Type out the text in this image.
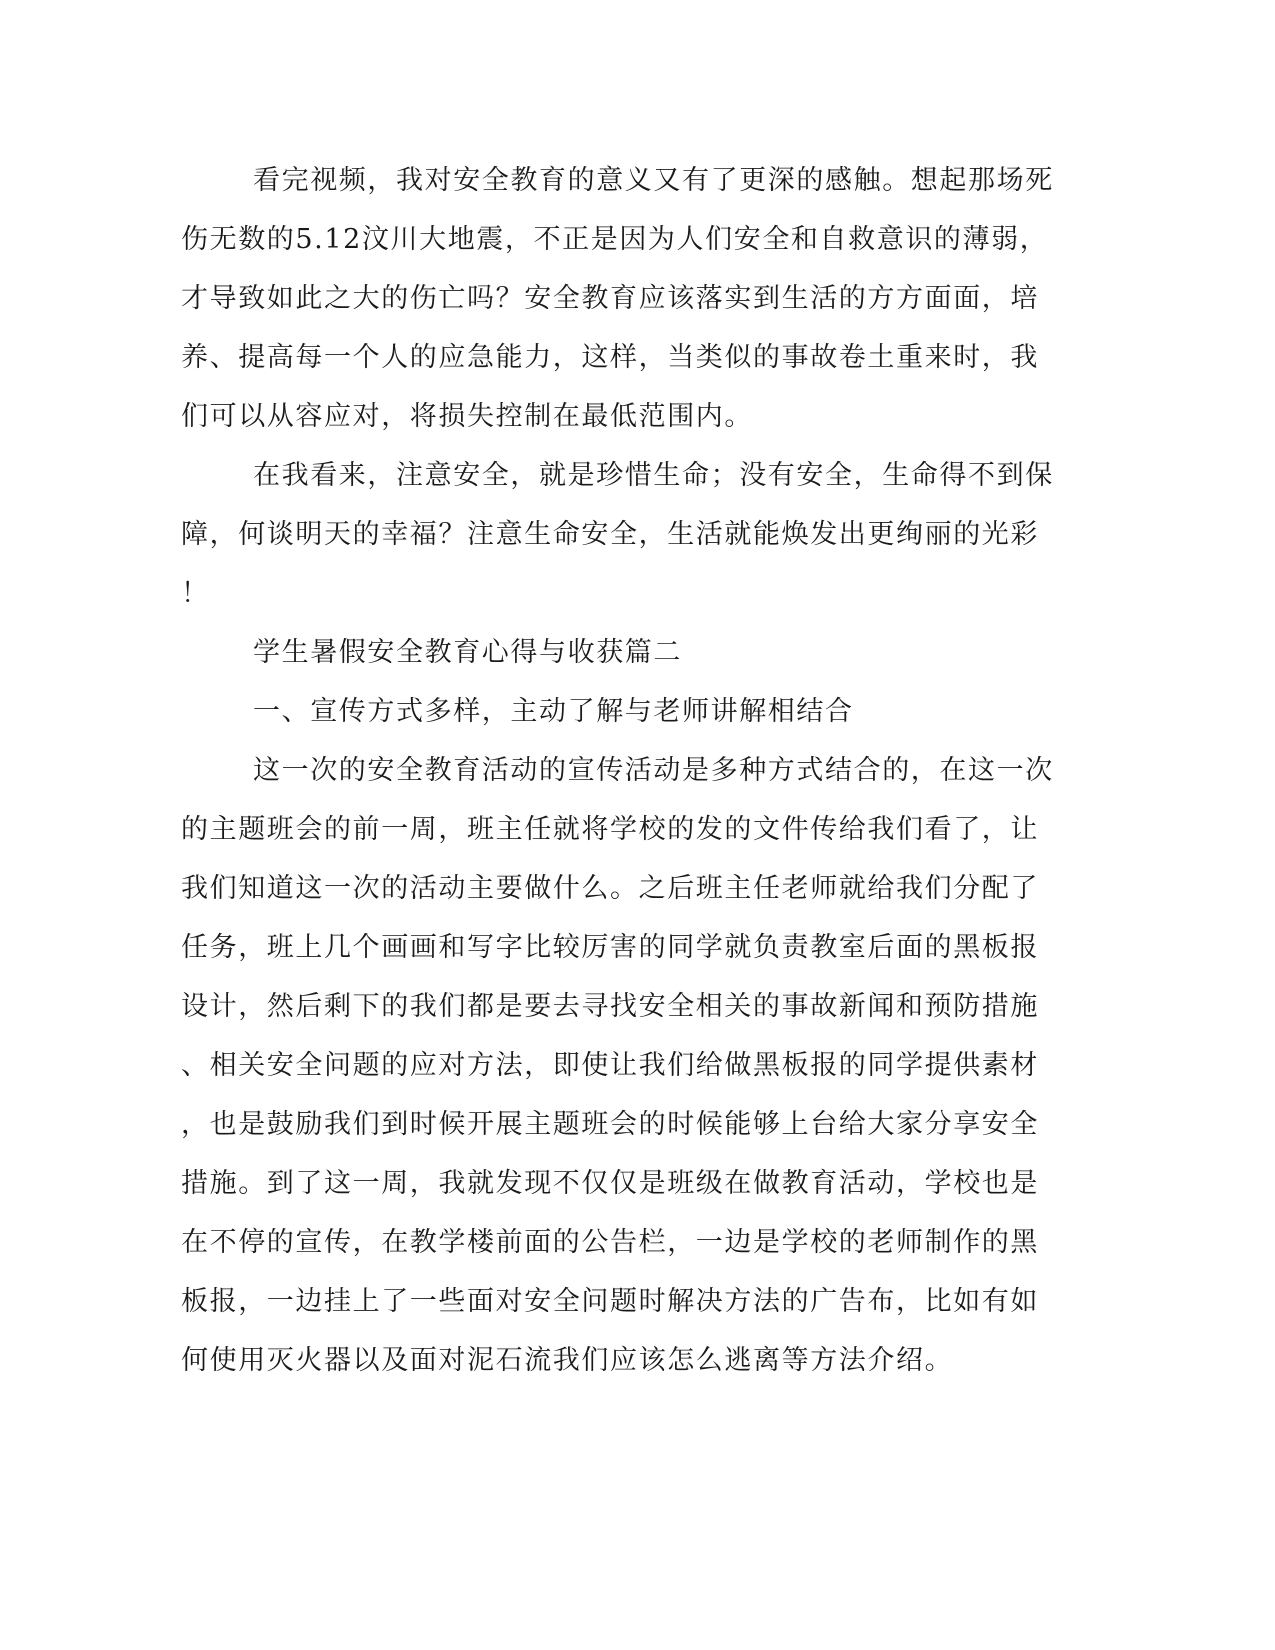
看完视频，我对安全教育的意义又有了更深的感触。想起那场死
伤无数的5.12汶川大地震，不正是因为人们安全和自救意识的薄弱，
才导致如此之大的伤亡吗？安全教育应该落实到生活的方方面面，培
养、提高每一个人的应急能力，这样，当类似的事故卷土重来时，我
们可以从容应对，将损失控制在最低范围内。
在我看来，注意安全，就是珍惜生命；没有安全，生命得不到保
障，何谈明天的幸福？注意生命安全，生活就能焕发出更绚丽的光彩
！
学生暑假安全教育心得与收获篇二
一、宣传方式多样，主动了解与老师讲解相结合
这一次的安全教育活动的宣传活动是多种方式结合的，在这一次
的主题班会的前一周，班主任就将学校的发的文件传给我们看了，让
我们知道这一次的活动主要做什么。之后班主任老师就给我们分配了
任务，班上几个画画和写字比较厉害的同学就负责教室后面的黑板报
设计，然后剩下的我们都是要去寻找安全相关的事故新闻和预防措施
、相关安全问题的应对方法，即使让我们给做黑板报的同学提供素材
，也是鼓励我们到时候开展主题班会的时候能够上台给大家分享安全
措施。到了这一周，我就发现不仅仅是班级在做教育活动，学校也是
在不停的宣传，在教学楼前面的公告栏，一边是学校的老师制作的黑
板报，一边挂上了一些面对安全问题时解决方法的广告布，比如有如
何使用灭火器以及面对泥石流我们应该怎么逃离等方法介绍。
